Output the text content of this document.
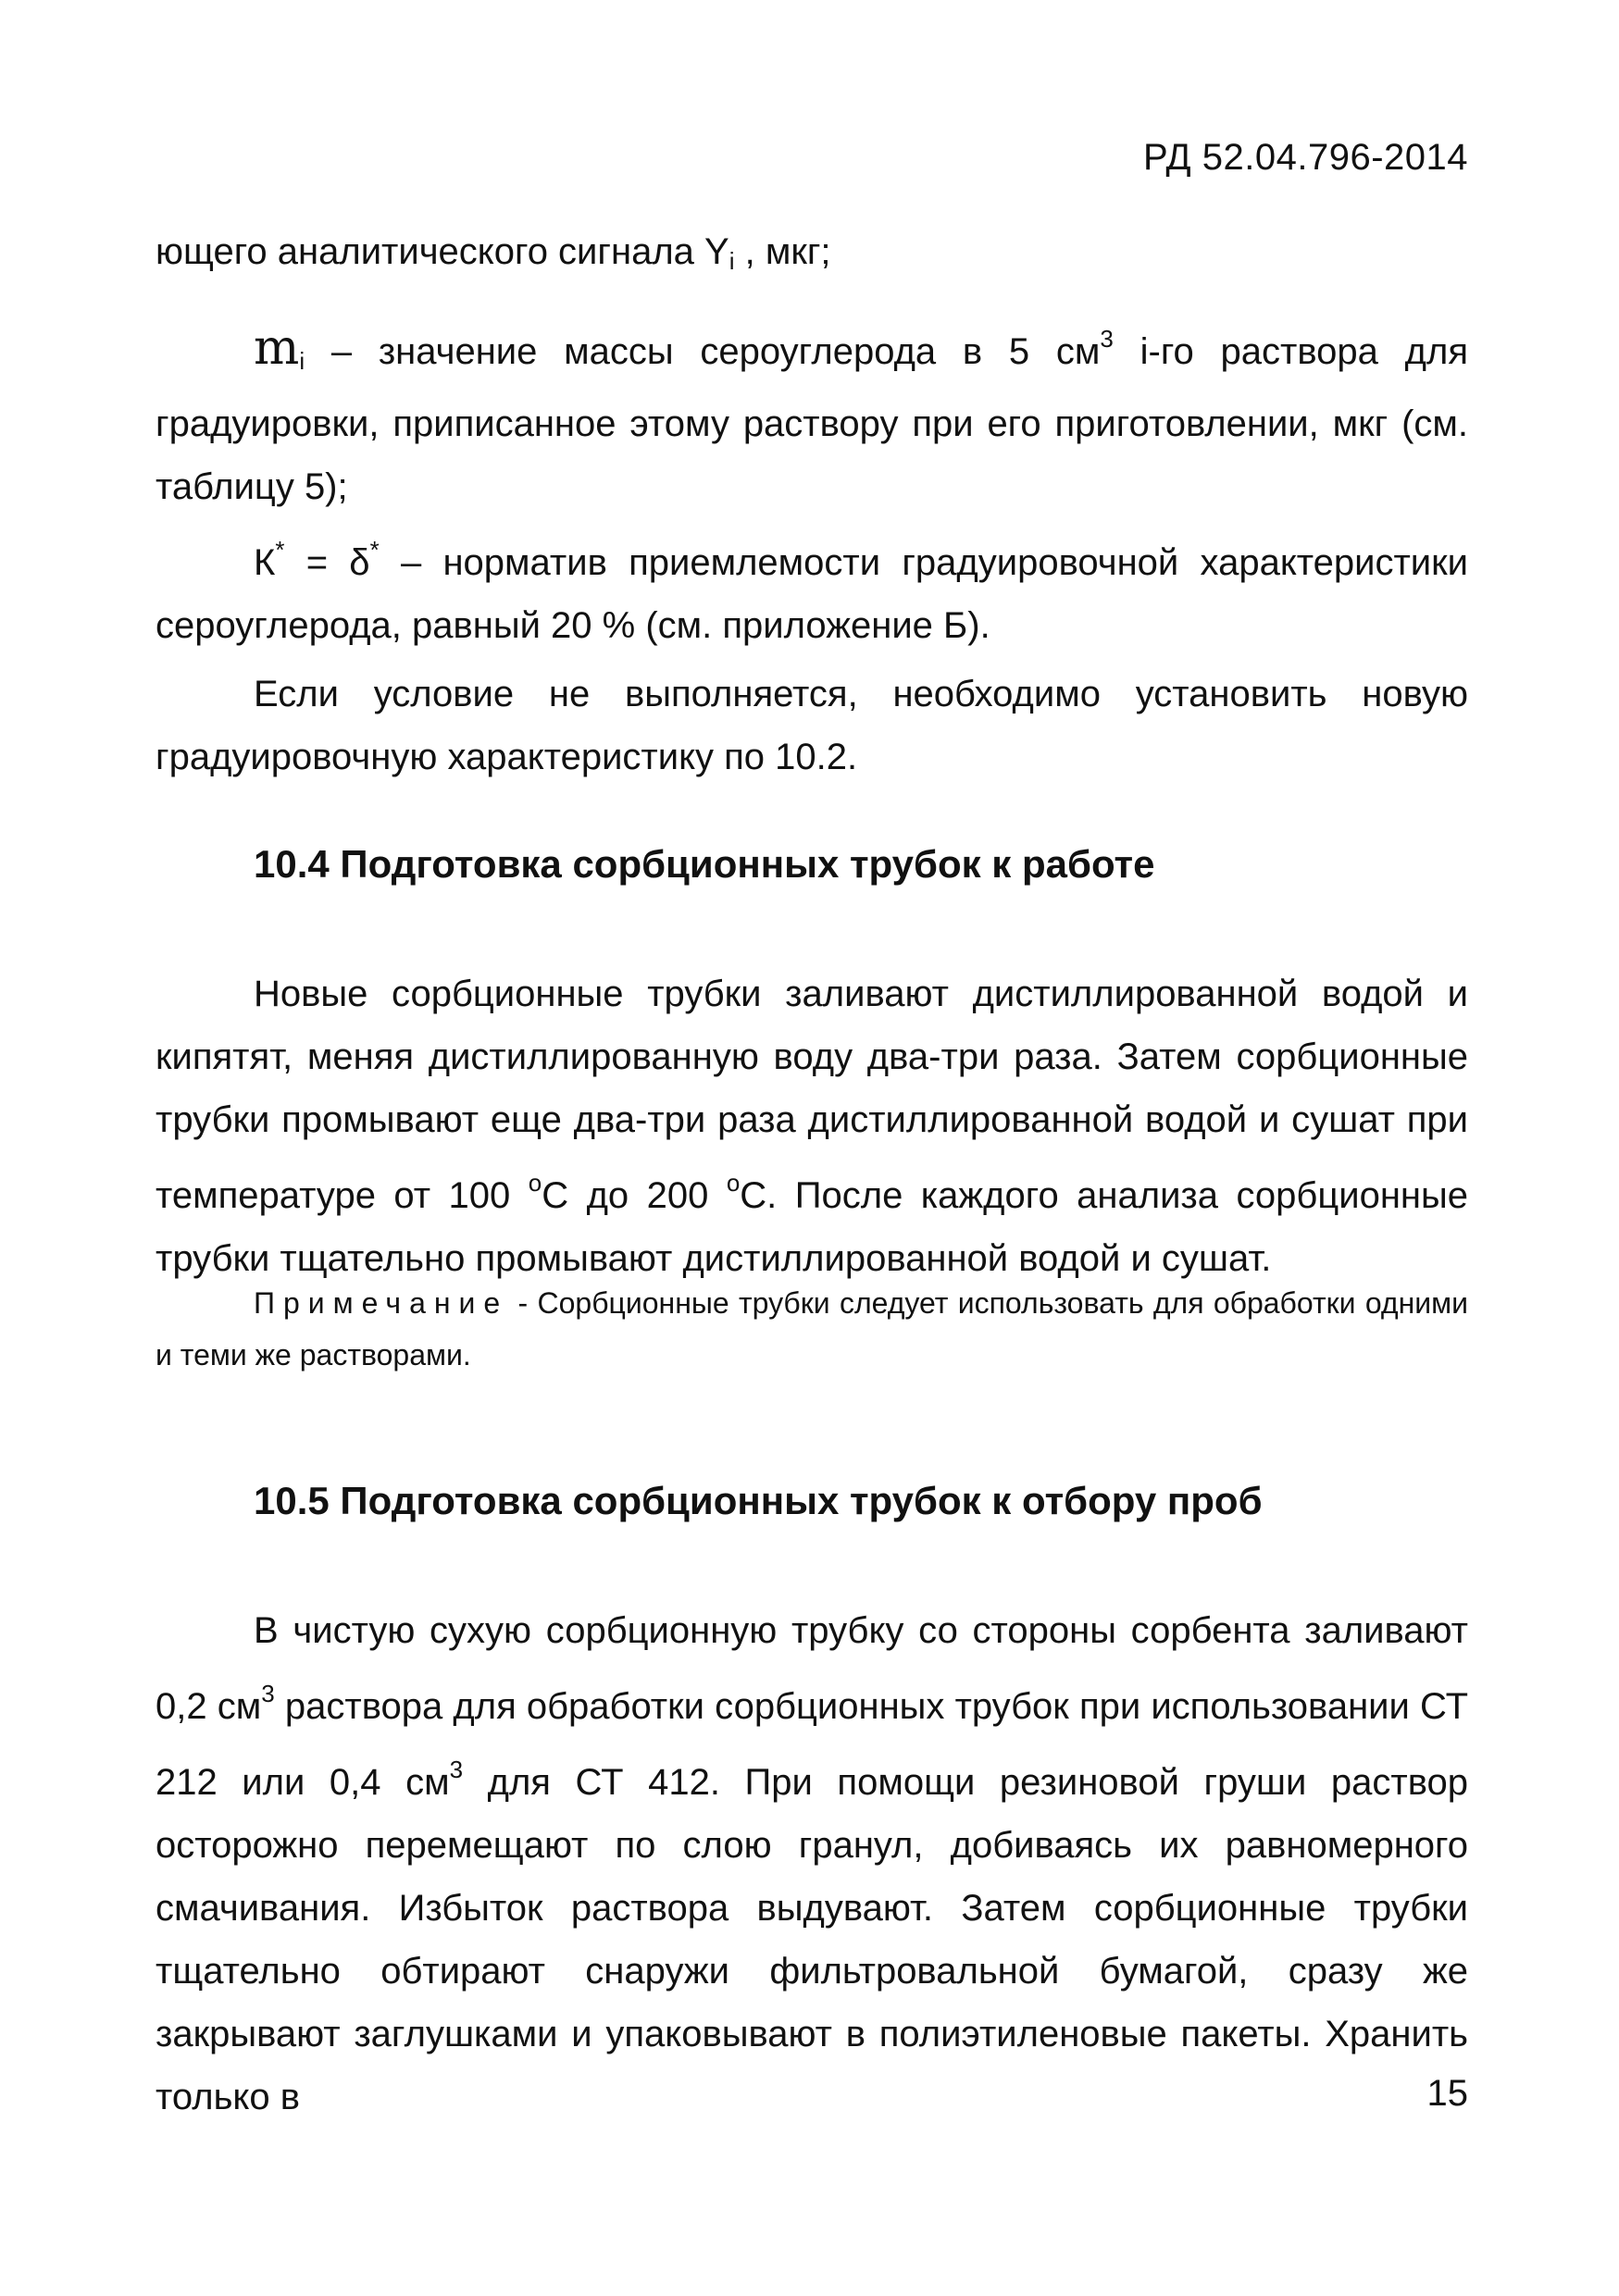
РД 52.04.796-2014

ющего аналитического сигнала $Y_i$ , мкг;

$m_i$ – значение массы сероуглерода в 5 $см^3$ i-го раствора для градуировки, приписанное этому раствору при его приготовлении, мкг (см. таблицу 5);

К* = δ* – норматив приемлемости градуировочной характеристики сероуглерода, равный 20 % (см. приложение Б).

Если условие не выполняется, необходимо установить новую градуировочную характеристику по 10.2.

10.4 Подготовка сорбционных трубок к работе
Новые сорбционные трубки заливают дистиллированной водой и кипятят, меняя дистиллированную воду два-три раза. Затем сорбционные трубки промывают еще два-три раза дистиллированной водой и сушат при температуре от 100 $^о$С до 200 $^о$С. После каждого анализа сорбционные трубки тщательно промывают дистиллированной водой и сушат.
Примечание - Сорбционные трубки следует использовать для обработки одними и теми же растворами.
10.5 Подготовка сорбционных трубок к отбору проб
В чистую сухую сорбционную трубку со стороны сорбента заливают 0,2 $см^3$ раствора для обработки сорбционных трубок при использовании СТ 212 или 0,4 $см^3$ для СТ 412. При помощи резиновой груши раствор осторожно перемещают по слою гранул, добиваясь их равномерного смачивания. Избыток раствора выдувают. Затем сорбционные трубки тщательно обтирают снаружи фильтровальной бумагой, сразу же закрывают заглушками и упаковывают в полиэтиленовые пакеты. Хранить только в	15
